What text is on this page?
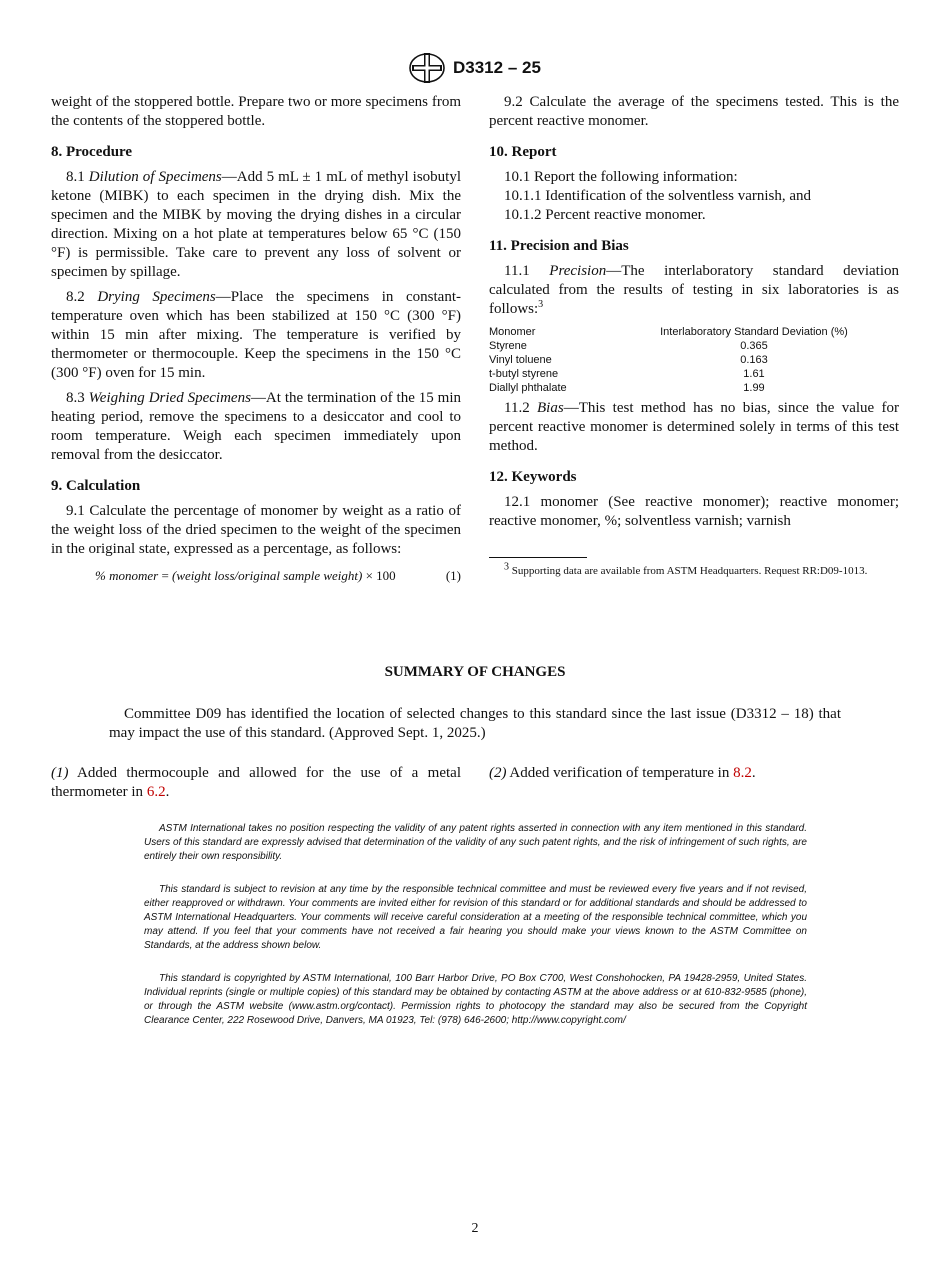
D3312 – 25

weight of the stoppered bottle. Prepare two or more specimens from the contents of the stoppered bottle.

8. Procedure

8.1 Dilution of Specimens—Add 5 mL ± 1 mL of methyl isobutyl ketone (MIBK) to each specimen in the drying dish. Mix the specimen and the MIBK by moving the drying dishes in a circular direction. Mixing on a hot plate at temperatures below 65 °C (150 °F) is permissible. Take care to prevent any loss of solvent or specimen by spillage.

8.2 Drying Specimens—Place the specimens in constant-temperature oven which has been stabilized at 150 °C (300 °F) within 15 min after mixing. The temperature is verified by thermometer or thermocouple. Keep the specimens in the 150 °C (300 °F) oven for 15 min.

8.3 Weighing Dried Specimens—At the termination of the 15 min heating period, remove the specimens to a desiccator and cool to room temperature. Weigh each specimen immediately upon removal from the desiccator.

9. Calculation

9.1 Calculate the percentage of monomer by weight as a ratio of the weight loss of the dried specimen to the weight of the specimen in the original state, expressed as a percentage, as follows:

% monomer = (weight loss/original sample weight) × 100	(1)

9.2 Calculate the average of the specimens tested. This is the percent reactive monomer.

10. Report

10.1 Report the following information:

10.1.1 Identification of the solventless varnish, and

10.1.2 Percent reactive monomer.

11. Precision and Bias

11.1 Precision—The interlaboratory standard deviation calculated from the results of testing in six laboratories is as follows:$^3$

Monomer	Interlaboratory Standard Deviation (%)
Styrene	0.365
Vinyl toluene	0.163
t-butyl styrene	1.61
Diallyl phthalate	1.99

11.2 Bias—This test method has no bias, since the value for percent reactive monomer is determined solely in terms of this test method.

12. Keywords

12.1 monomer (See reactive monomer); reactive monomer; reactive monomer, %; solventless varnish; varnish

$^3$ Supporting data are available from ASTM Headquarters. Request RR:D09-1013.

SUMMARY OF CHANGES

Committee D09 has identified the location of selected changes to this standard since the last issue (D3312 – 18) that may impact the use of this standard. (Approved Sept. 1, 2025.)

(1) Added thermocouple and allowed for the use of a metal thermometer in 6.2.

(2) Added verification of temperature in 8.2.

ASTM International takes no position respecting the validity of any patent rights asserted in connection with any item mentioned in this standard. Users of this standard are expressly advised that determination of the validity of any such patent rights, and the risk of infringement of such rights, are entirely their own responsibility.

This standard is subject to revision at any time by the responsible technical committee and must be reviewed every five years and if not revised, either reapproved or withdrawn. Your comments are invited either for revision of this standard or for additional standards and should be addressed to ASTM International Headquarters. Your comments will receive careful consideration at a meeting of the responsible technical committee, which you may attend. If you feel that your comments have not received a fair hearing you should make your views known to the ASTM Committee on Standards, at the address shown below.

This standard is copyrighted by ASTM International, 100 Barr Harbor Drive, PO Box C700, West Conshohocken, PA 19428-2959, United States. Individual reprints (single or multiple copies) of this standard may be obtained by contacting ASTM at the above address or at 610-832-9585 (phone), or through the ASTM website (www.astm.org/contact). Permission rights to photocopy the standard may also be secured from the Copyright Clearance Center, 222 Rosewood Drive, Danvers, MA 01923, Tel: (978) 646-2600; http://www.copyright.com/

2
